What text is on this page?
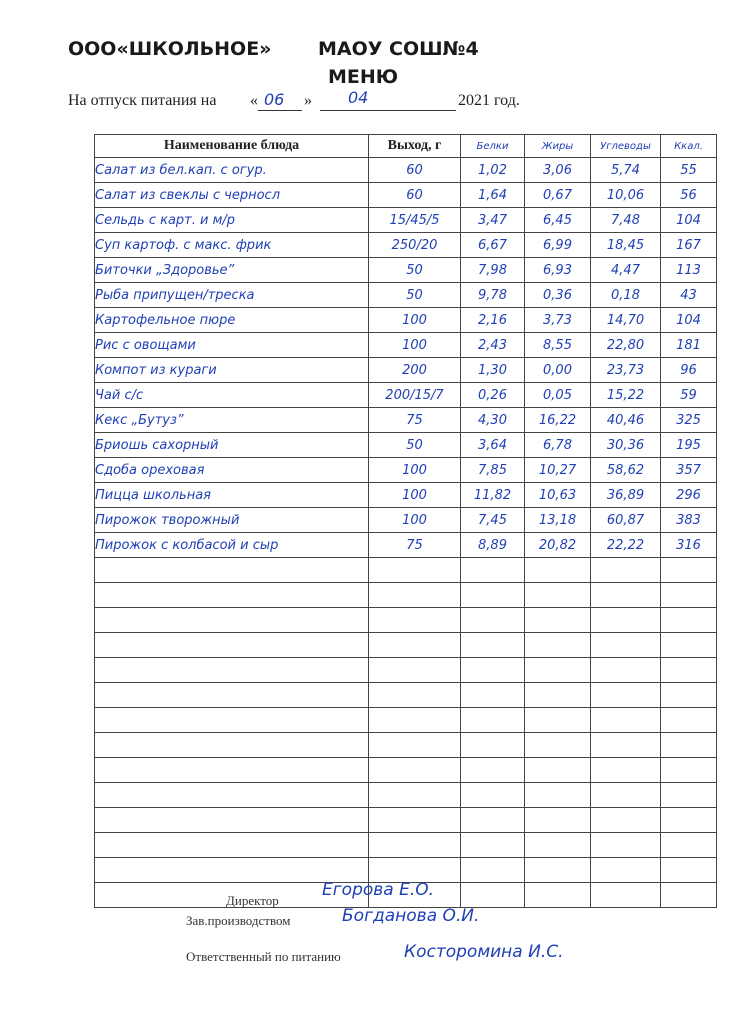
ООО«ШКОЛЬНОЕ» МАОУ СОШ№4
МЕНЮ
На отпуск питания на « 06 » 04	2021 год.
Наименование блюда	Выход, г	Белки	Жиры	Углеводы	Ккал.
Салат из бел.кап. с огур.	60	1,02	3,06	5,74	55
Салат из свеклы с черносл	60	1,64	0,67	10,06	56
Сельдь с карт. и м/р	15/45/5	3,47	6,45	7,48	104
Суп картоф. с макс. фрик	250/20	6,67	6,99	18,45	167
Биточки „Здоровье”	50	7,98	6,93	4,47	113
Рыба припущен/треска	50	9,78	0,36	0,18	43
Картофельное пюре	100	2,16	3,73	14,70	104
Рис с овощами	100	2,43	8,55	22,80	181
Компот из кураги	200	1,30	0,00	23,73	96
Чай с/с	200/15/7	0,26	0,05	15,22	59
Кекс „Бутуз”	75	4,30	16,22	40,46	325
Бриошь сахорный	50	3,64	6,78	30,36	195
Сдоба ореховая	100	7,85	10,27	58,62	357
Пицца школьная	100	11,82	10,63	36,89	296
Пирожок творожный	100	7,45	13,18	60,87	383
Пирожок с колбасой и сыр	75	8,89	20,82	22,22	316

Директор
Егорова Е.О.
Зав.производством	Богданова О.И.
Ответственный по питанию	Косторомина И.С.
